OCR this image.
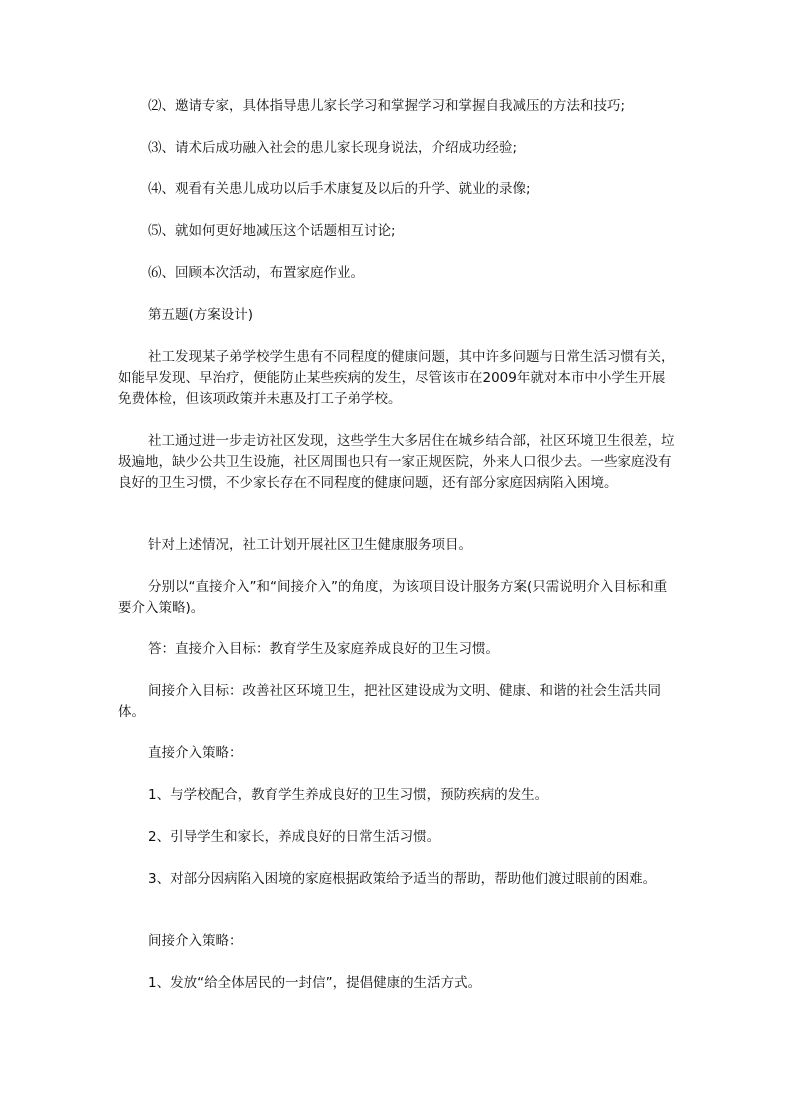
⑵、邀请专家，具体指导患儿家长学习和掌握学习和掌握自我减压的方法和技巧;

⑶、请术后成功融入社会的患儿家长现身说法，介绍成功经验;

⑷、观看有关患儿成功以后手术康复及以后的升学、就业的录像;

⑸、就如何更好地减压这个话题相互讨论;

⑹、回顾本次活动，布置家庭作业。

第五题(方案设计)

社工发现某子弟学校学生患有不同程度的健康问题，其中许多问题与日常生活习惯有关，如能早发现、早治疗，便能防止某些疾病的发生，尽管该市在2009年就对本市中小学生开展免费体检，但该项政策并未惠及打工子弟学校。

社工通过进一步走访社区发现，这些学生大多居住在城乡结合部，社区环境卫生很差，垃圾遍地，缺少公共卫生设施，社区周围也只有一家正规医院，外来人口很少去。一些家庭没有良好的卫生习惯，不少家长存在不同程度的健康问题，还有部分家庭因病陷入困境。

针对上述情况，社工计划开展社区卫生健康服务项目。

分别以“直接介入”和“间接介入”的角度，为该项目设计服务方案(只需说明介入目标和重要介入策略)。

答：直接介入目标：教育学生及家庭养成良好的卫生习惯。

间接介入目标：改善社区环境卫生，把社区建设成为文明、健康、和谐的社会生活共同体。

直接介入策略：

1、与学校配合，教育学生养成良好的卫生习惯，预防疾病的发生。

2、引导学生和家长，养成良好的日常生活习惯。

3、对部分因病陷入困境的家庭根据政策给予适当的帮助，帮助他们渡过眼前的困难。

间接介入策略：

1、发放“给全体居民的一封信”，提倡健康的生活方式。
